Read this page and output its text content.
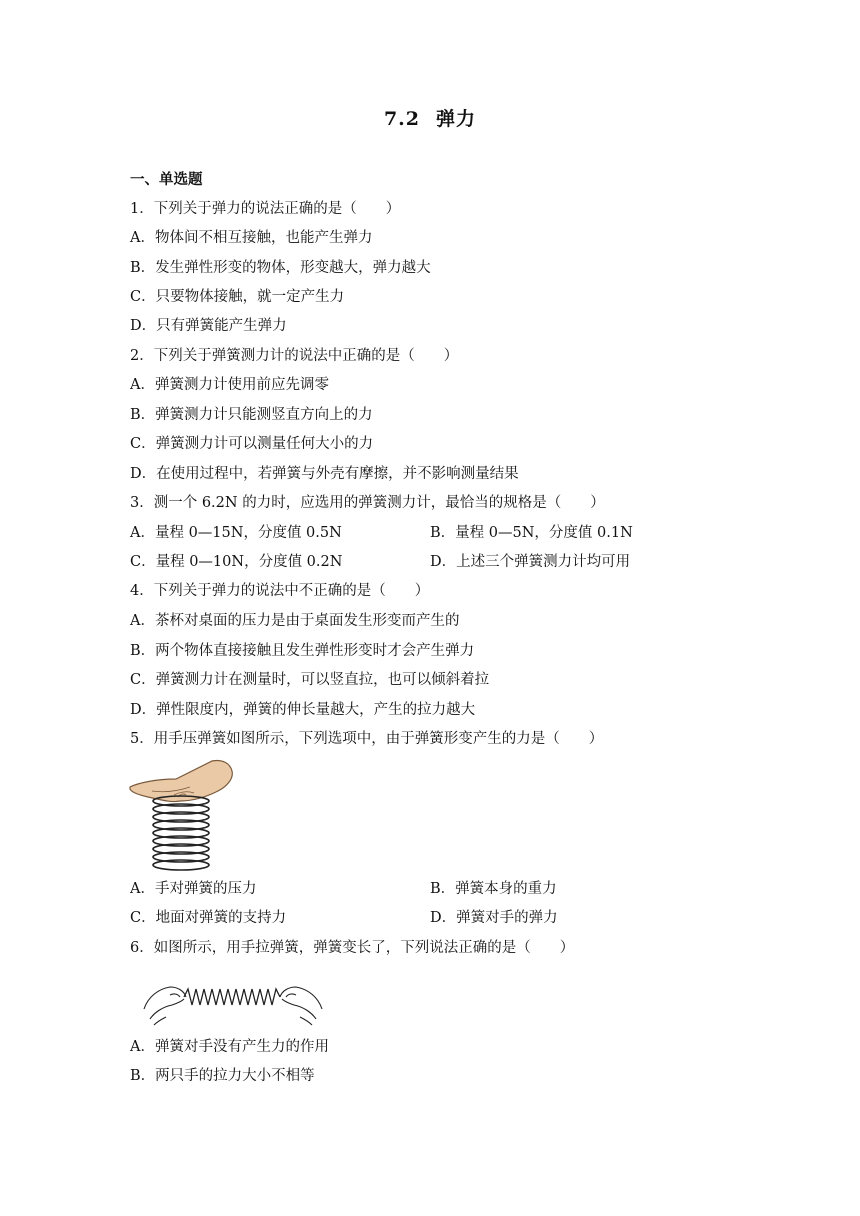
7.2 弹力
一、单选题
1．下列关于弹力的说法正确的是（　　）
A．物体间不相互接触，也能产生弹力
B．发生弹性形变的物体，形变越大，弹力越大
C．只要物体接触，就一定产生力
D．只有弹簧能产生弹力
2．下列关于弹簧测力计的说法中正确的是（　　）
A．弹簧测力计使用前应先调零
B．弹簧测力计只能测竖直方向上的力
C．弹簧测力计可以测量任何大小的力
D．在使用过程中，若弹簧与外壳有摩擦，并不影响测量结果
3．测一个 6.2N 的力时，应选用的弹簧测力计，最恰当的规格是（　　）
A．量程 0—15N，分度值 0.5N	B．量程 0—5N，分度值 0.1N
C．量程 0—10N，分度值 0.2N	D．上述三个弹簧测力计均可用
4．下列关于弹力的说法中不正确的是（　　）
A．茶杯对桌面的压力是由于桌面发生形变而产生的
B．两个物体直接接触且发生弹性形变时才会产生弹力
C．弹簧测力计在测量时，可以竖直拉，也可以倾斜着拉
D．弹性限度内，弹簧的伸长量越大，产生的拉力越大
5．用手压弹簧如图所示，下列选项中，由于弹簧形变产生的力是（　　）
A．手对弹簧的压力	B．弹簧本身的重力
C．地面对弹簧的支持力	D．弹簧对手的弹力
6．如图所示，用手拉弹簧，弹簧变长了，下列说法正确的是（　　）
A．弹簧对手没有产生力的作用
B．两只手的拉力大小不相等
